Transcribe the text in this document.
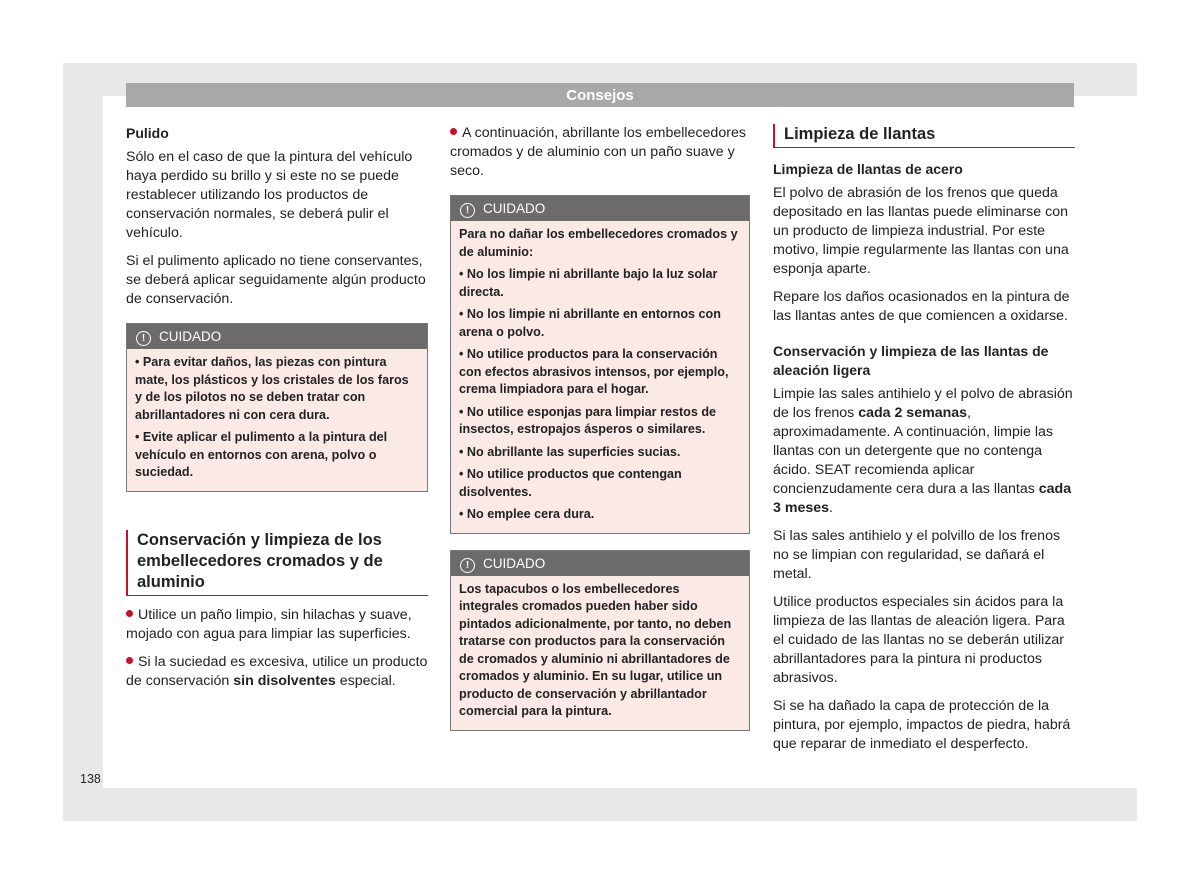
Consejos
Pulido

Sólo en el caso de que la pintura del vehículo haya perdido su brillo y si este no se puede restablecer utilizando los productos de conservación normales, se deberá pulir el vehículo.

Si el pulimento aplicado no tiene conservantes, se deberá aplicar seguidamente algún producto de conservación.

! CUIDADO

• Para evitar daños, las piezas con pintura mate, los plásticos y los cristales de los faros y de los pilotos no se deben tratar con abrillantadores ni con cera dura.

• Evite aplicar el pulimento a la pintura del vehículo en entornos con arena, polvo o suciedad.

Conservación y limpieza de los embellecedores cromados y de aluminio

Utilice un paño limpio, sin hilachas y suave, mojado con agua para limpiar las superficies.

Si la suciedad es excesiva, utilice un producto de conservación sin disolventes especial.

A continuación, abrillante los embellecedores cromados y de aluminio con un paño suave y seco.

! CUIDADO

Para no dañar los embellecedores cromados y de aluminio:

• No los limpie ni abrillante bajo la luz solar directa.

• No los limpie ni abrillante en entornos con arena o polvo.

• No utilice productos para la conservación con efectos abrasivos intensos, por ejemplo, crema limpiadora para el hogar.

• No utilice esponjas para limpiar restos de insectos, estropajos ásperos o similares.

• No abrillante las superficies sucias.

• No utilice productos que contengan disolventes.

• No emplee cera dura.

! CUIDADO

Los tapacubos o los embellecedores integrales cromados pueden haber sido pintados adicionalmente, por tanto, no deben tratarse con productos para la conservación de cromados y aluminio ni abrillantadores de cromados y aluminio. En su lugar, utilice un producto de conservación y abrillantador comercial para la pintura.

Limpieza de llantas
Limpieza de llantas de acero

El polvo de abrasión de los frenos que queda depositado en las llantas puede eliminarse con un producto de limpieza industrial. Por este motivo, limpie regularmente las llantas con una esponja aparte.

Repare los daños ocasionados en la pintura de las llantas antes de que comiencen a oxidarse.

Conservación y limpieza de las llantas de aleación ligera

Limpie las sales antihielo y el polvo de abrasión de los frenos cada 2 semanas, aproximadamente. A continuación, limpie las llantas con un detergente que no contenga ácido. SEAT recomienda aplicar concienzudamente cera dura a las llantas cada 3 meses.

Si las sales antihielo y el polvillo de los frenos no se limpian con regularidad, se dañará el metal.

Utilice productos especiales sin ácidos para la limpieza de las llantas de aleación ligera. Para el cuidado de las llantas no se deberán utilizar abrillantadores para la pintura ni productos abrasivos.

Si se ha dañado la capa de protección de la pintura, por ejemplo, impactos de piedra, habrá que reparar de inmediato el desperfecto.

138
